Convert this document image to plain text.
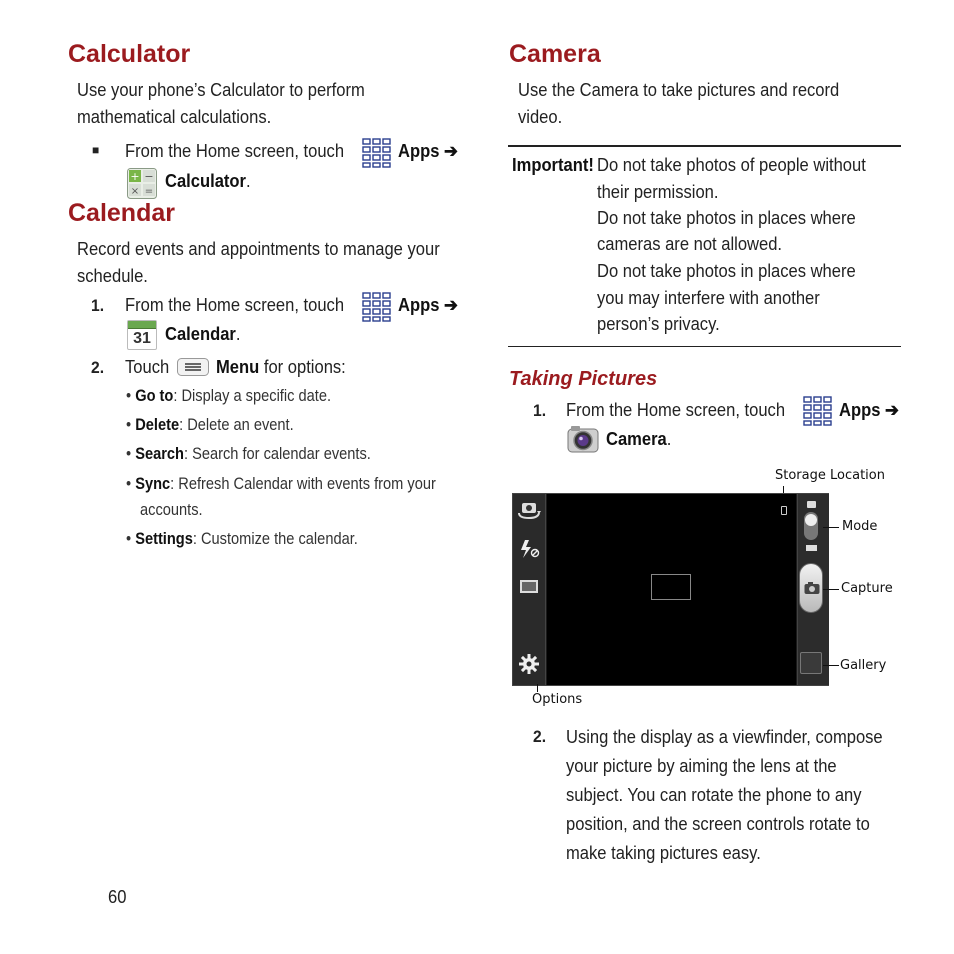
Calculator
Use your phone’s Calculator to perform
mathematical calculations.
■ From the Home screen, touch	Apps ➔
+ −
× =
Calculator.
Calendar
Record events and appointments to manage your
schedule.
1. From the Home screen, touch	Apps ➔
31 Calendar.
2. Touch	Menu for options:
• Go to: Display a specific date.
• Delete: Delete an event.
• Search: Search for calendar events.
• Sync: Refresh Calendar with events from your
accounts.
• Settings: Customize the calendar.
60
Camera
Use the Camera to take pictures and record
video.
Important! Do not take photos of people without
their permission.
Do not take photos in places where
cameras are not allowed.
Do not take photos in places where
you may interfere with another
person’s privacy.
Taking Pictures
1. From the Home screen, touch	Apps ➔
Camera.
Storage Location
Mode
Capture
Gallery
Options
2. Using the display as a viewfinder, compose
your picture by aiming the lens at the
subject. You can rotate the phone to any
position, and the screen controls rotate to
make taking pictures easy.
